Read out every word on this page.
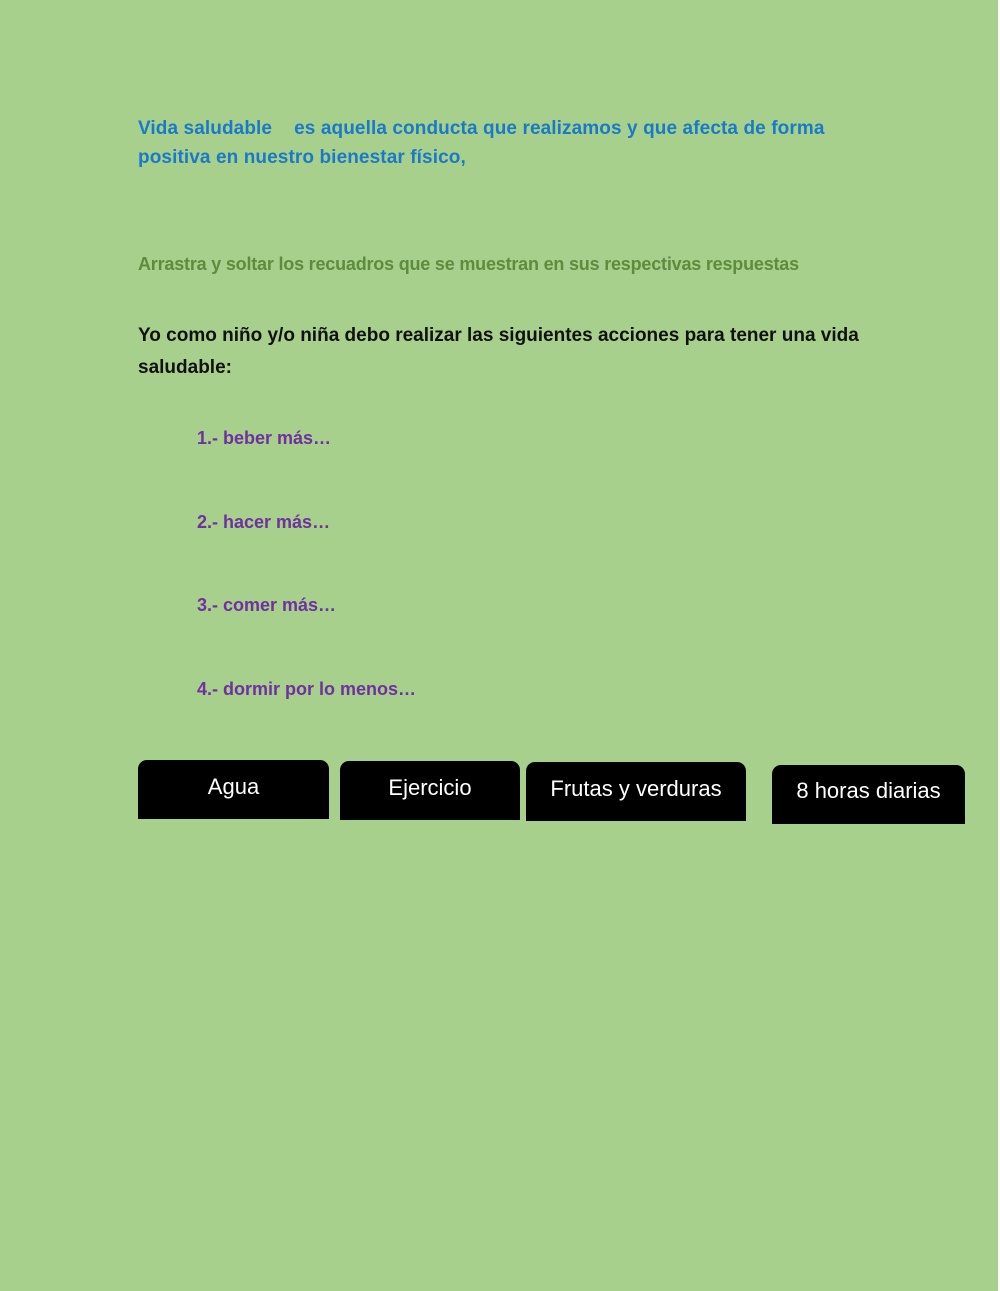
Vida saludable es aquella conducta que realizamos y que afecta de forma positiva en nuestro bienestar físico,
Arrastra y soltar los recuadros que se muestran en sus respectivas respuestas
Yo como niño y/o niña debo realizar las siguientes acciones para tener una vida saludable:
1.- beber más…
2.- hacer más…
3.- comer más…
4.- dormir por lo menos…
Agua	Ejercicio	Frutas y verduras	8 horas diarias
